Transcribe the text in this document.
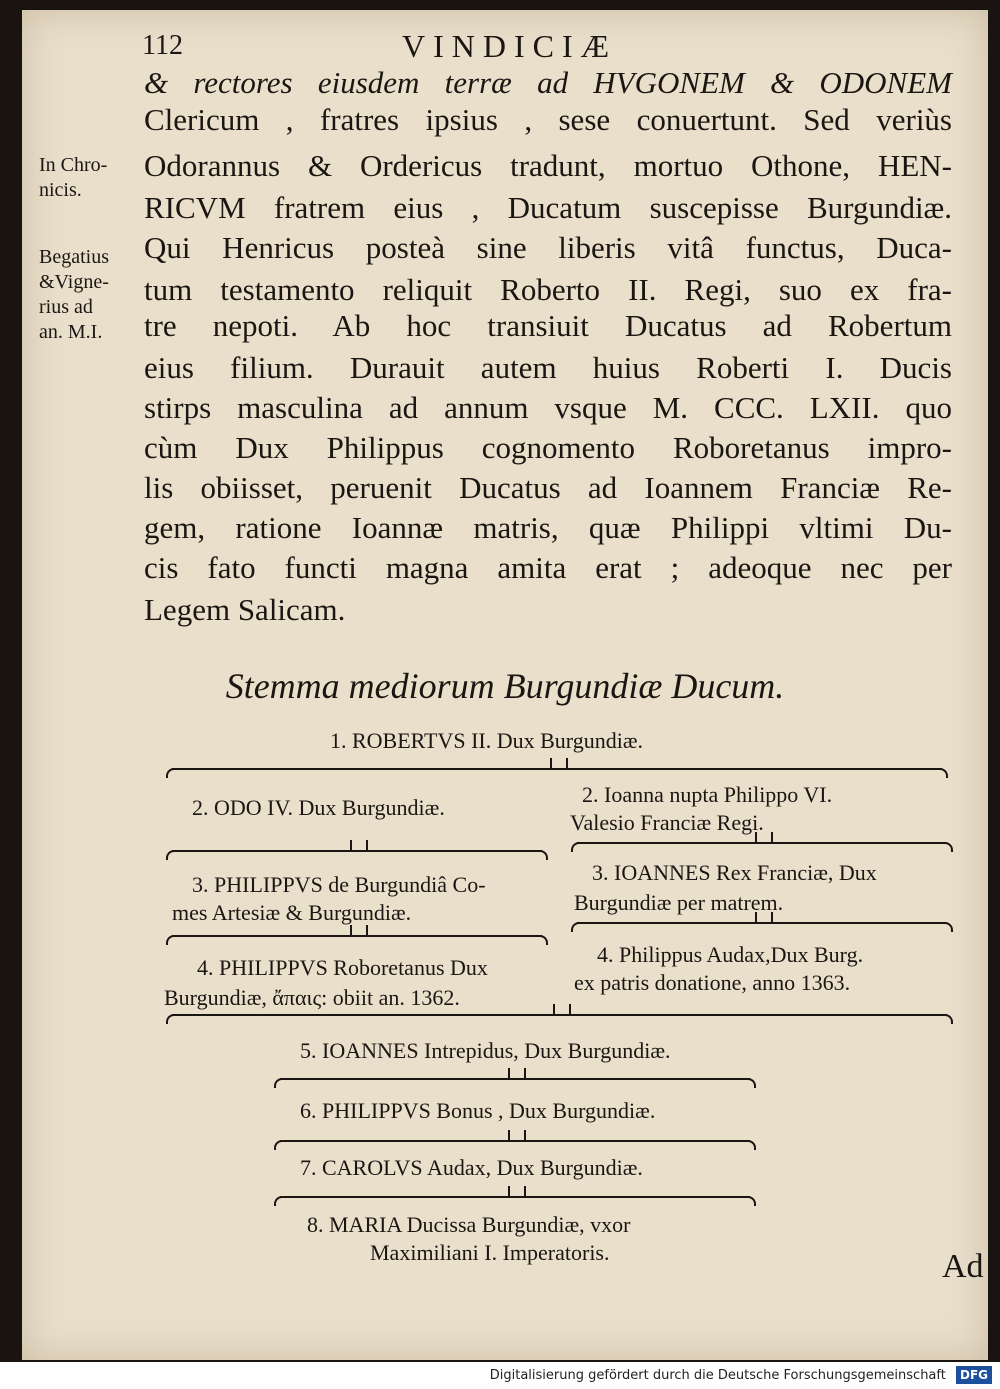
112	VINDICIÆ
In Chro-
nicis.
Begatius
&Vigne-
rius ad
an. M.I.
& rectores eiusdem terræ ad HVGONEM & ODONEM
Clericum , fratres ipsius , sese conuertunt. Sed veriùs
Odorannus & Ordericus tradunt, mortuo Othone, HEN-
RICVM fratrem eius , Ducatum suscepisse Burgundiæ.
Qui Henricus posteà sine liberis vitâ functus, Duca-
tum testamento reliquit Roberto II. Regi, suo ex fra-
tre nepoti. Ab hoc transiuit Ducatus ad Robertum
eius filium. Durauit autem huius Roberti I. Ducis
stirps masculina ad annum vsque M. CCC. LXII. quo
cùm Dux Philippus cognomento Roboretanus impro-
lis obiisset, peruenit Ducatus ad Ioannem Franciæ Re-
gem, ratione Ioannæ matris, quæ Philippi vltimi Du-
cis fato functi magna amita erat ; adeoque nec per
Legem Salicam.
Stemma mediorum Burgundiæ Ducum.
1. ROBERTVS II. Dux Burgundiæ.
2. ODO IV. Dux Burgundiæ.
2. Ioanna nupta Philippo VI.
Valesio Franciæ Regi.
3. PHILIPPVS de Burgundiâ Co-
mes Artesiæ & Burgundiæ.
3. IOANNES Rex Franciæ, Dux
Burgundiæ per matrem.
4. PHILIPPVS Roboretanus Dux
Burgundiæ, ἄπαις: obiit an. 1362.
4. Philippus Audax,Dux Burg.
ex patris donatione, anno 1363.
5. IOANNES Intrepidus, Dux Burgundiæ.
6. PHILIPPVS Bonus , Dux Burgundiæ.
7. CAROLVS Audax, Dux Burgundiæ.
8. MARIA Ducissa Burgundiæ, vxor
Maximiliani I. Imperatoris.	Ad
Digitalisierung gefördert durch die Deutsche Forschungsgemeinschaft DFG
